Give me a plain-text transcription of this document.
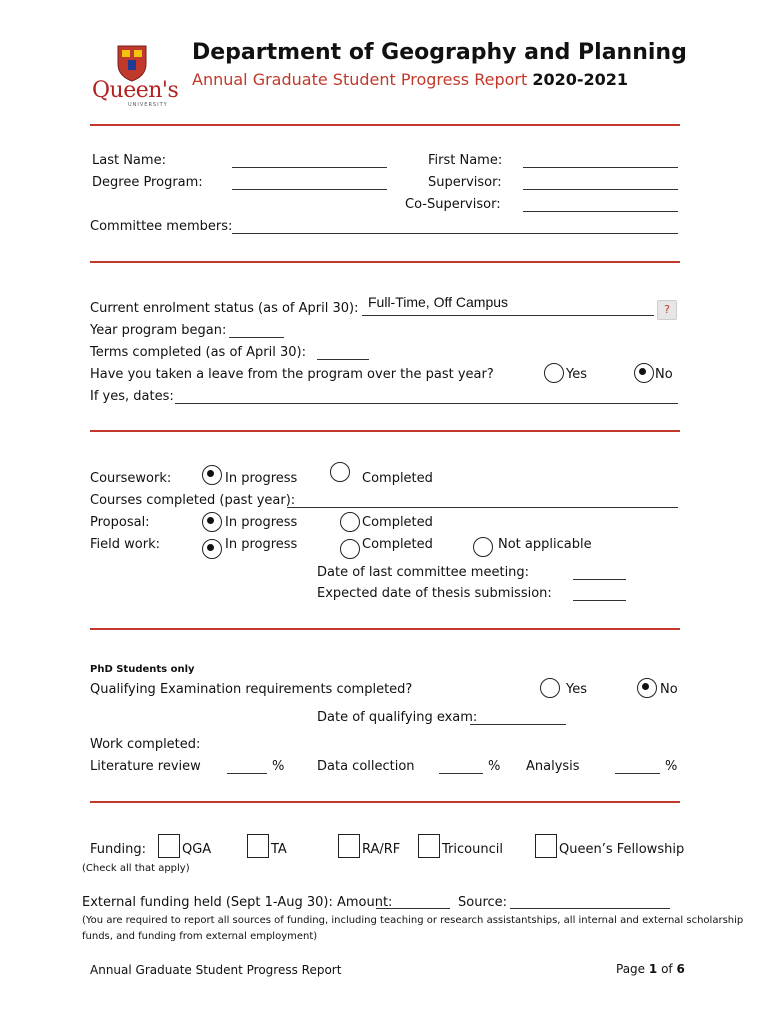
Queen's
UNIVERSITY
Department of Geography and Planning
Annual Graduate Student Progress Report 2020-2021
Last Name:	First Name:
Degree Program:	Supervisor:
Co-Supervisor:
Committee members:
Current enrolment status (as of April 30): Full-Time, Off Campus	?
Year program began:
Terms completed (as of April 30):
Have you taken a leave from the program over the past year?	Yes	No
If yes, dates:
Coursework:	In progress	Completed
Courses completed (past year):
Proposal:	In progress	Completed
Field work:	In progress	Completed	Not applicable
Date of last committee meeting:
Expected date of thesis submission:
PhD Students only
Qualifying Examination requirements completed?	Yes	No
Date of qualifying exam:
Work completed:
Literature review	%	Data collection	% Analysis	%
Funding:	QGA	TA	RA/RF	Tricouncil	Queen’s Fellowship
(Check all that apply)
External funding held (Sept 1-Aug 30): Amount:	Source:
(You are required to report all sources of funding, including teaching or research assistantships, all internal and external scholarship
funds, and funding from external employment)
Annual Graduate Student Progress Report	Page 1 of 6
